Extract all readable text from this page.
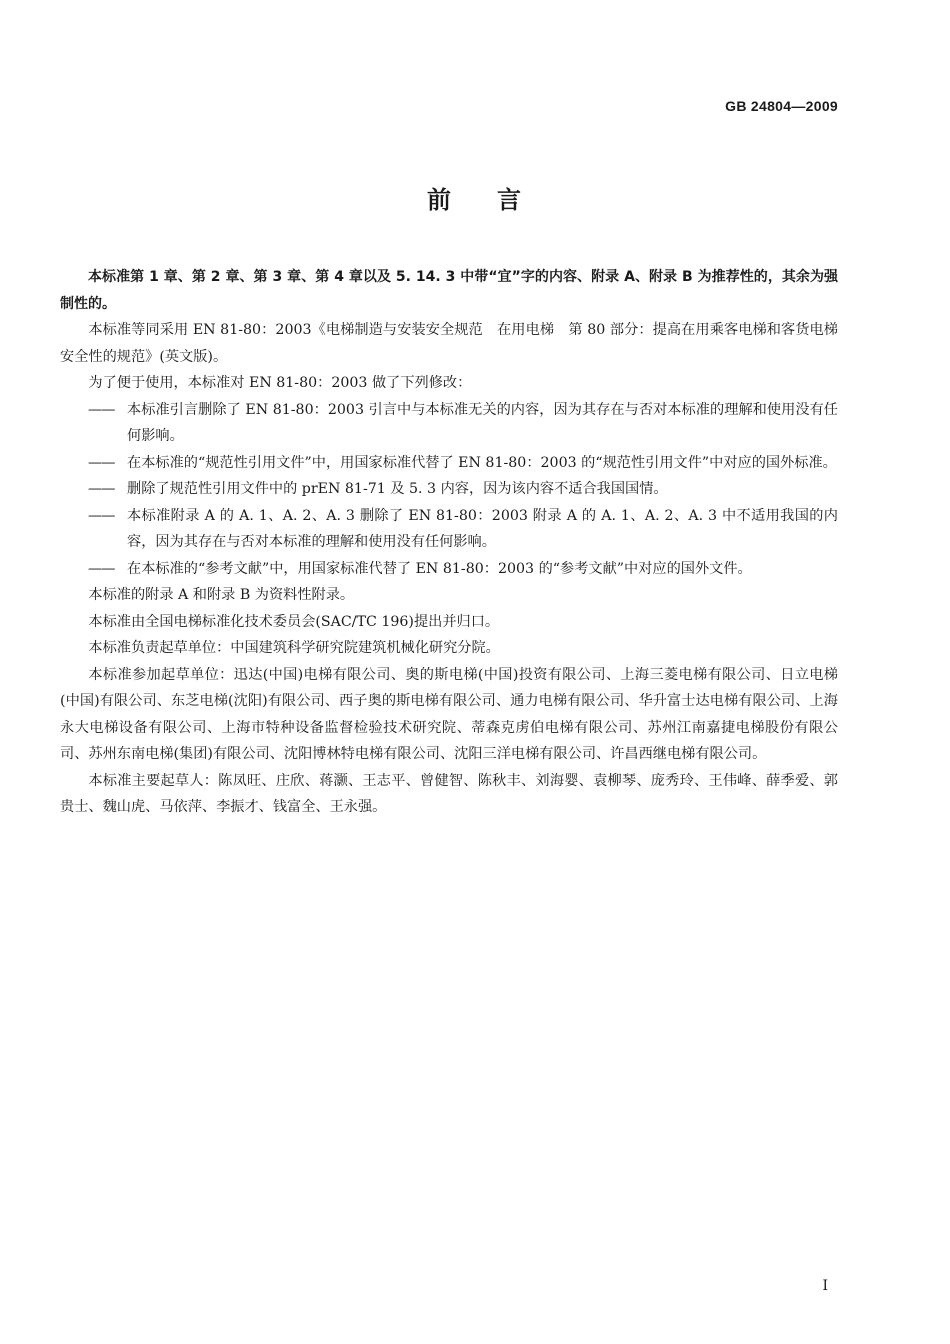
GB 24804—2009
前 言

本标准第 1 章、第 2 章、第 3 章、第 4 章以及 5. 14. 3 中带“宜”字的内容、附录 A、附录 B 为推荐性的，其余为强制性的。

本标准等同采用 EN 81-80：2003《电梯制造与安装安全规范　在用电梯　第 80 部分：提高在用乘客电梯和客货电梯安全性的规范》(英文版)。

为了便于使用，本标准对 EN 81-80：2003 做了下列修改：

—— 本标准引言删除了 EN 81-80：2003 引言中与本标准无关的内容，因为其存在与否对本标准的理解和使用没有任何影响。
—— 在本标准的“规范性引用文件”中，用国家标准代替了 EN 81-80：2003 的“规范性引用文件”中对应的国外标准。
—— 删除了规范性引用文件中的 prEN 81-71 及 5. 3 内容，因为该内容不适合我国国情。
—— 本标准附录 A 的 A. 1、A. 2、A. 3 删除了 EN 81-80：2003 附录 A 的 A. 1、A. 2、A. 3 中不适用我国的内容，因为其存在与否对本标准的理解和使用没有任何影响。
—— 在本标准的“参考文献”中，用国家标准代替了 EN 81-80：2003 的“参考文献”中对应的国外文件。

本标准的附录 A 和附录 B 为资料性附录。

本标准由全国电梯标准化技术委员会(SAC/TC 196)提出并归口。

本标准负责起草单位：中国建筑科学研究院建筑机械化研究分院。

本标准参加起草单位：迅达(中国)电梯有限公司、奥的斯电梯(中国)投资有限公司、上海三菱电梯有限公司、日立电梯(中国)有限公司、东芝电梯(沈阳)有限公司、西子奥的斯电梯有限公司、通力电梯有限公司、华升富士达电梯有限公司、上海永大电梯设备有限公司、上海市特种设备监督检验技术研究院、蒂森克虏伯电梯有限公司、苏州江南嘉捷电梯股份有限公司、苏州东南电梯(集团)有限公司、沈阳博林特电梯有限公司、沈阳三洋电梯有限公司、许昌西继电梯有限公司。

本标准主要起草人：陈凤旺、庄欣、蒋灏、王志平、曾健智、陈秋丰、刘海婴、袁柳琴、庞秀玲、王伟峰、薛季爱、郭贵士、魏山虎、马依萍、李振才、钱富全、王永强。

I
